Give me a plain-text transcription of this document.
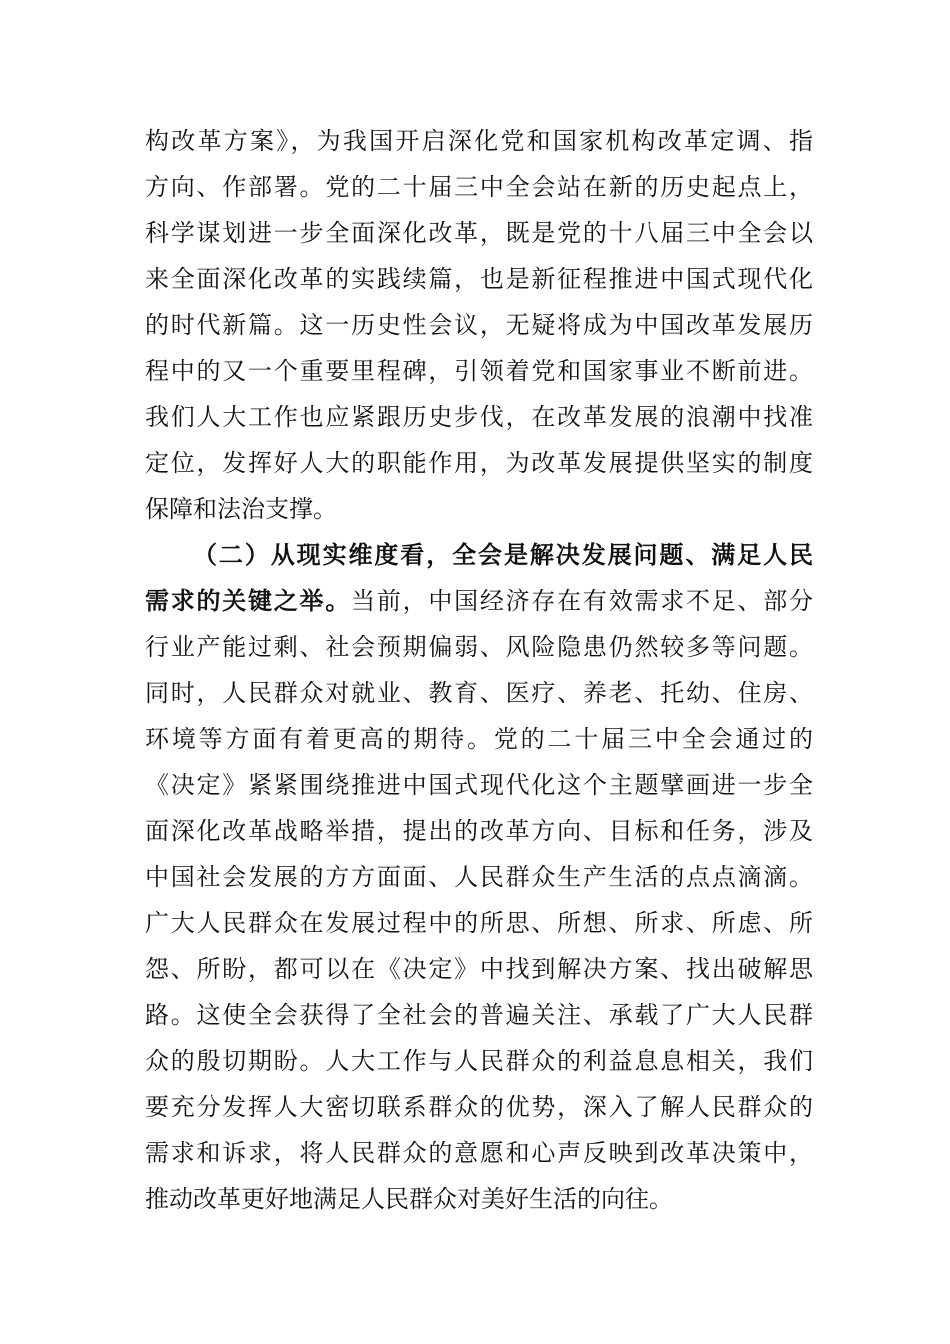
构改革方案》，为我国开启深化党和国家机构改革定调、指
方向、作部署。党的二十届三中全会站在新的历史起点上，
科学谋划进一步全面深化改革，既是党的十八届三中全会以
来全面深化改革的实践续篇，也是新征程推进中国式现代化
的时代新篇。这一历史性会议，无疑将成为中国改革发展历
程中的又一个重要里程碑，引领着党和国家事业不断前进。
我们人大工作也应紧跟历史步伐，在改革发展的浪潮中找准
定位，发挥好人大的职能作用，为改革发展提供坚实的制度
保障和法治支撑。
（二）从现实维度看，全会是解决发展问题、满足人民
需求的关键之举。当前，中国经济存在有效需求不足、部分
行业产能过剩、社会预期偏弱、风险隐患仍然较多等问题。
同时，人民群众对就业、教育、医疗、养老、托幼、住房、
环境等方面有着更高的期待。党的二十届三中全会通过的
《决定》紧紧围绕推进中国式现代化这个主题擘画进一步全
面深化改革战略举措，提出的改革方向、目标和任务，涉及
中国社会发展的方方面面、人民群众生产生活的点点滴滴。
广大人民群众在发展过程中的所思、所想、所求、所虑、所
怨、所盼，都可以在《决定》中找到解决方案、找出破解思
路。这使全会获得了全社会的普遍关注、承载了广大人民群
众的殷切期盼。人大工作与人民群众的利益息息相关，我们
要充分发挥人大密切联系群众的优势，深入了解人民群众的
需求和诉求，将人民群众的意愿和心声反映到改革决策中，
推动改革更好地满足人民群众对美好生活的向往。
